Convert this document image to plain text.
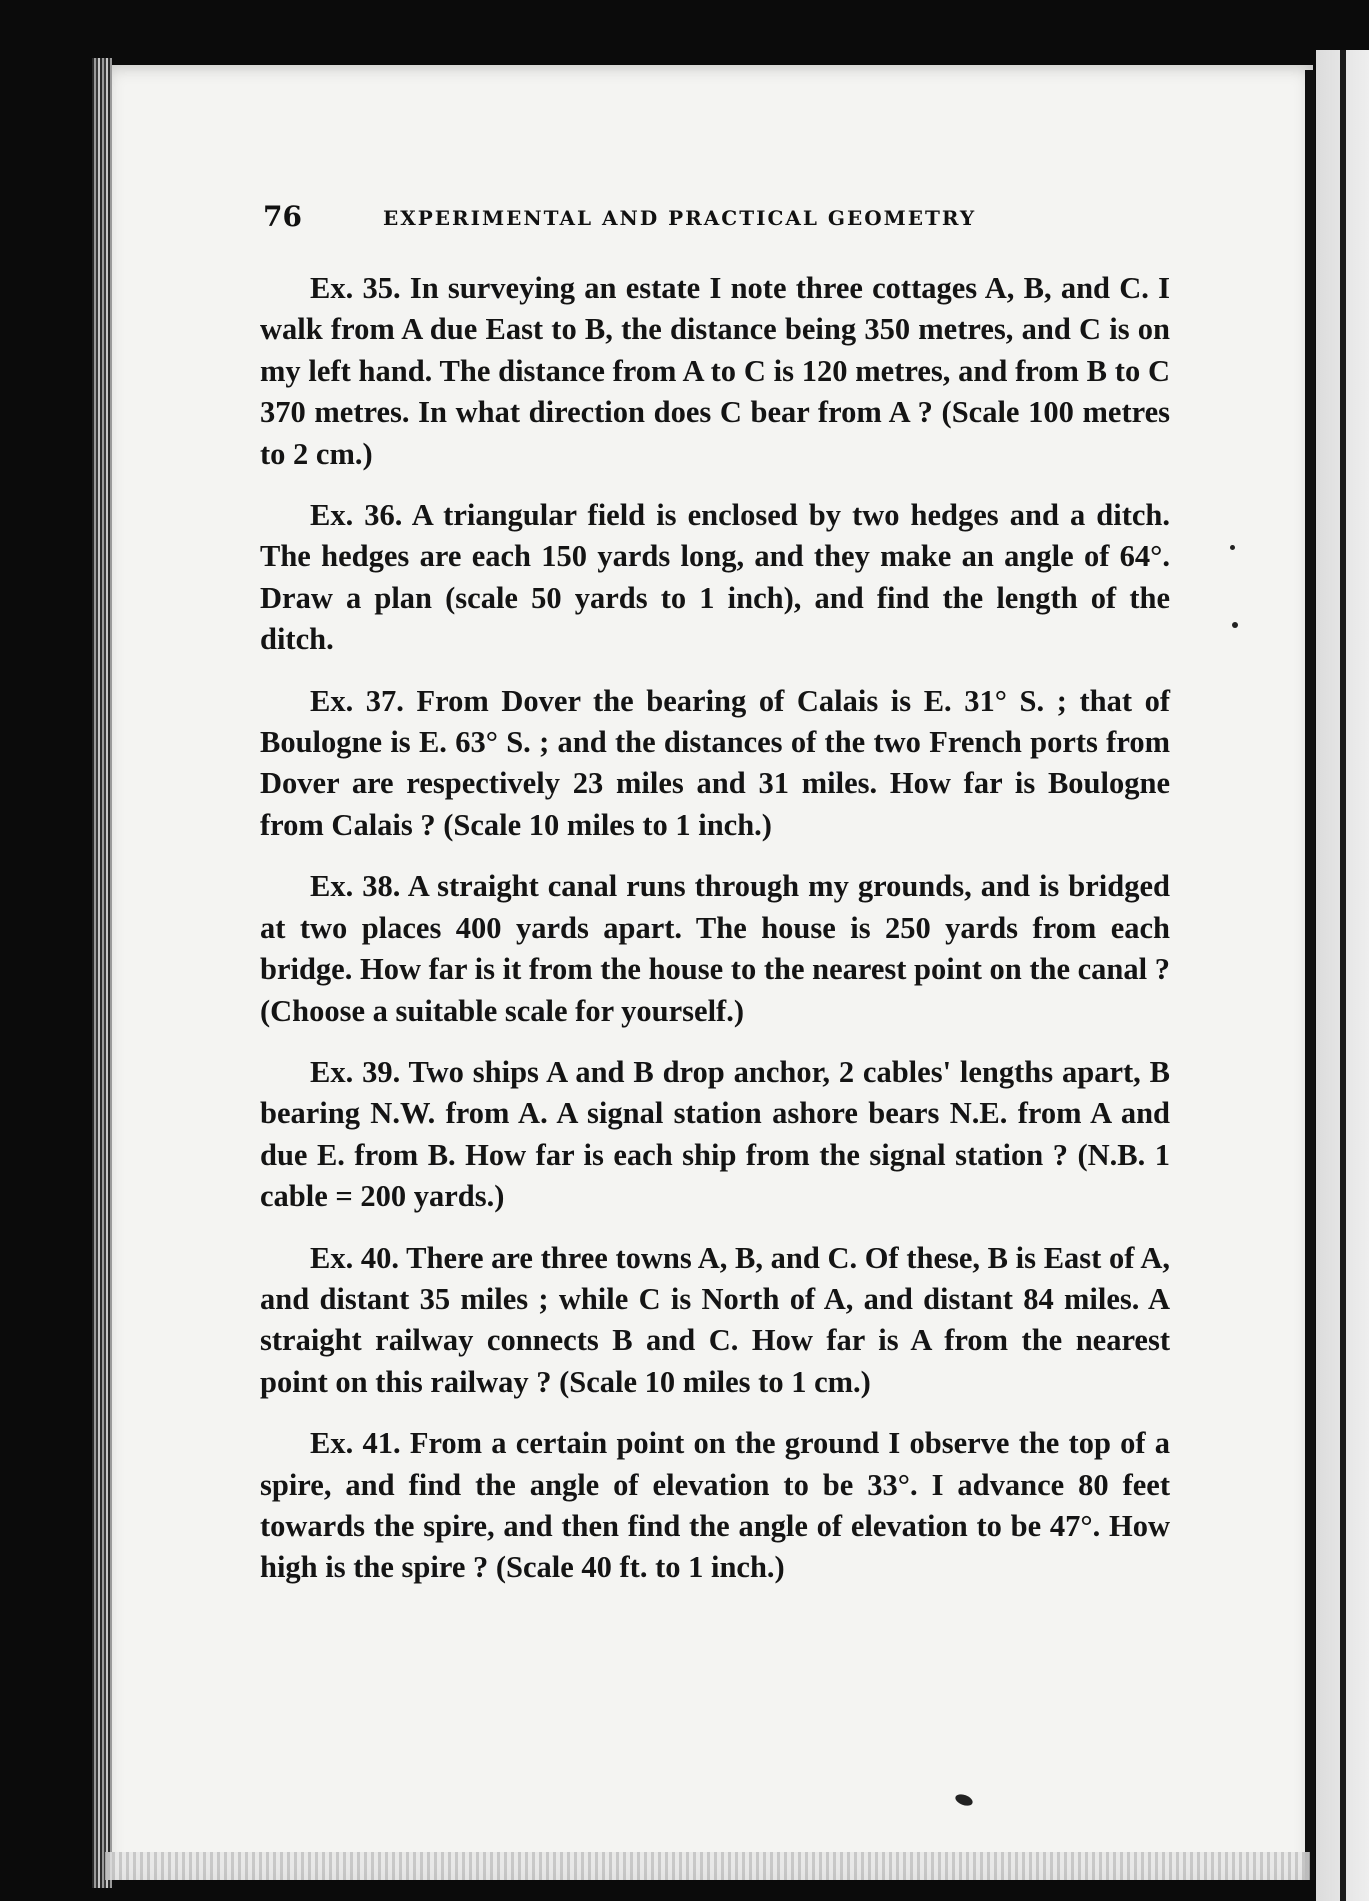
76	EXPERIMENTAL AND PRACTICAL GEOMETRY

Ex. 35. In surveying an estate I note three cottages A, B, and C. I walk from A due East to B, the distance being 350 metres, and C is on my left hand. The distance from A to C is 120 metres, and from B to C 370 metres. In what direction does C bear from A ? (Scale 100 metres to 2 cm.)

Ex. 36. A triangular field is enclosed by two hedges and a ditch. The hedges are each 150 yards long, and they make an angle of 64°. Draw a plan (scale 50 yards to 1 inch), and find the length of the ditch.

Ex. 37. From Dover the bearing of Calais is E. 31° S. ; that of Boulogne is E. 63° S. ; and the distances of the two French ports from Dover are respectively 23 miles and 31 miles. How far is Boulogne from Calais ? (Scale 10 miles to 1 inch.)

Ex. 38. A straight canal runs through my grounds, and is bridged at two places 400 yards apart. The house is 250 yards from each bridge. How far is it from the house to the nearest point on the canal ? (Choose a suitable scale for yourself.)

Ex. 39. Two ships A and B drop anchor, 2 cables' lengths apart, B bearing N.W. from A. A signal station ashore bears N.E. from A and due E. from B. How far is each ship from the signal station ? (N.B. 1 cable = 200 yards.)

Ex. 40. There are three towns A, B, and C. Of these, B is East of A, and distant 35 miles ; while C is North of A, and distant 84 miles. A straight railway connects B and C. How far is A from the nearest point on this railway ? (Scale 10 miles to 1 cm.)

Ex. 41. From a certain point on the ground I observe the top of a spire, and find the angle of elevation to be 33°. I advance 80 feet towards the spire, and then find the angle of elevation to be 47°. How high is the spire ? (Scale 40 ft. to 1 inch.)
